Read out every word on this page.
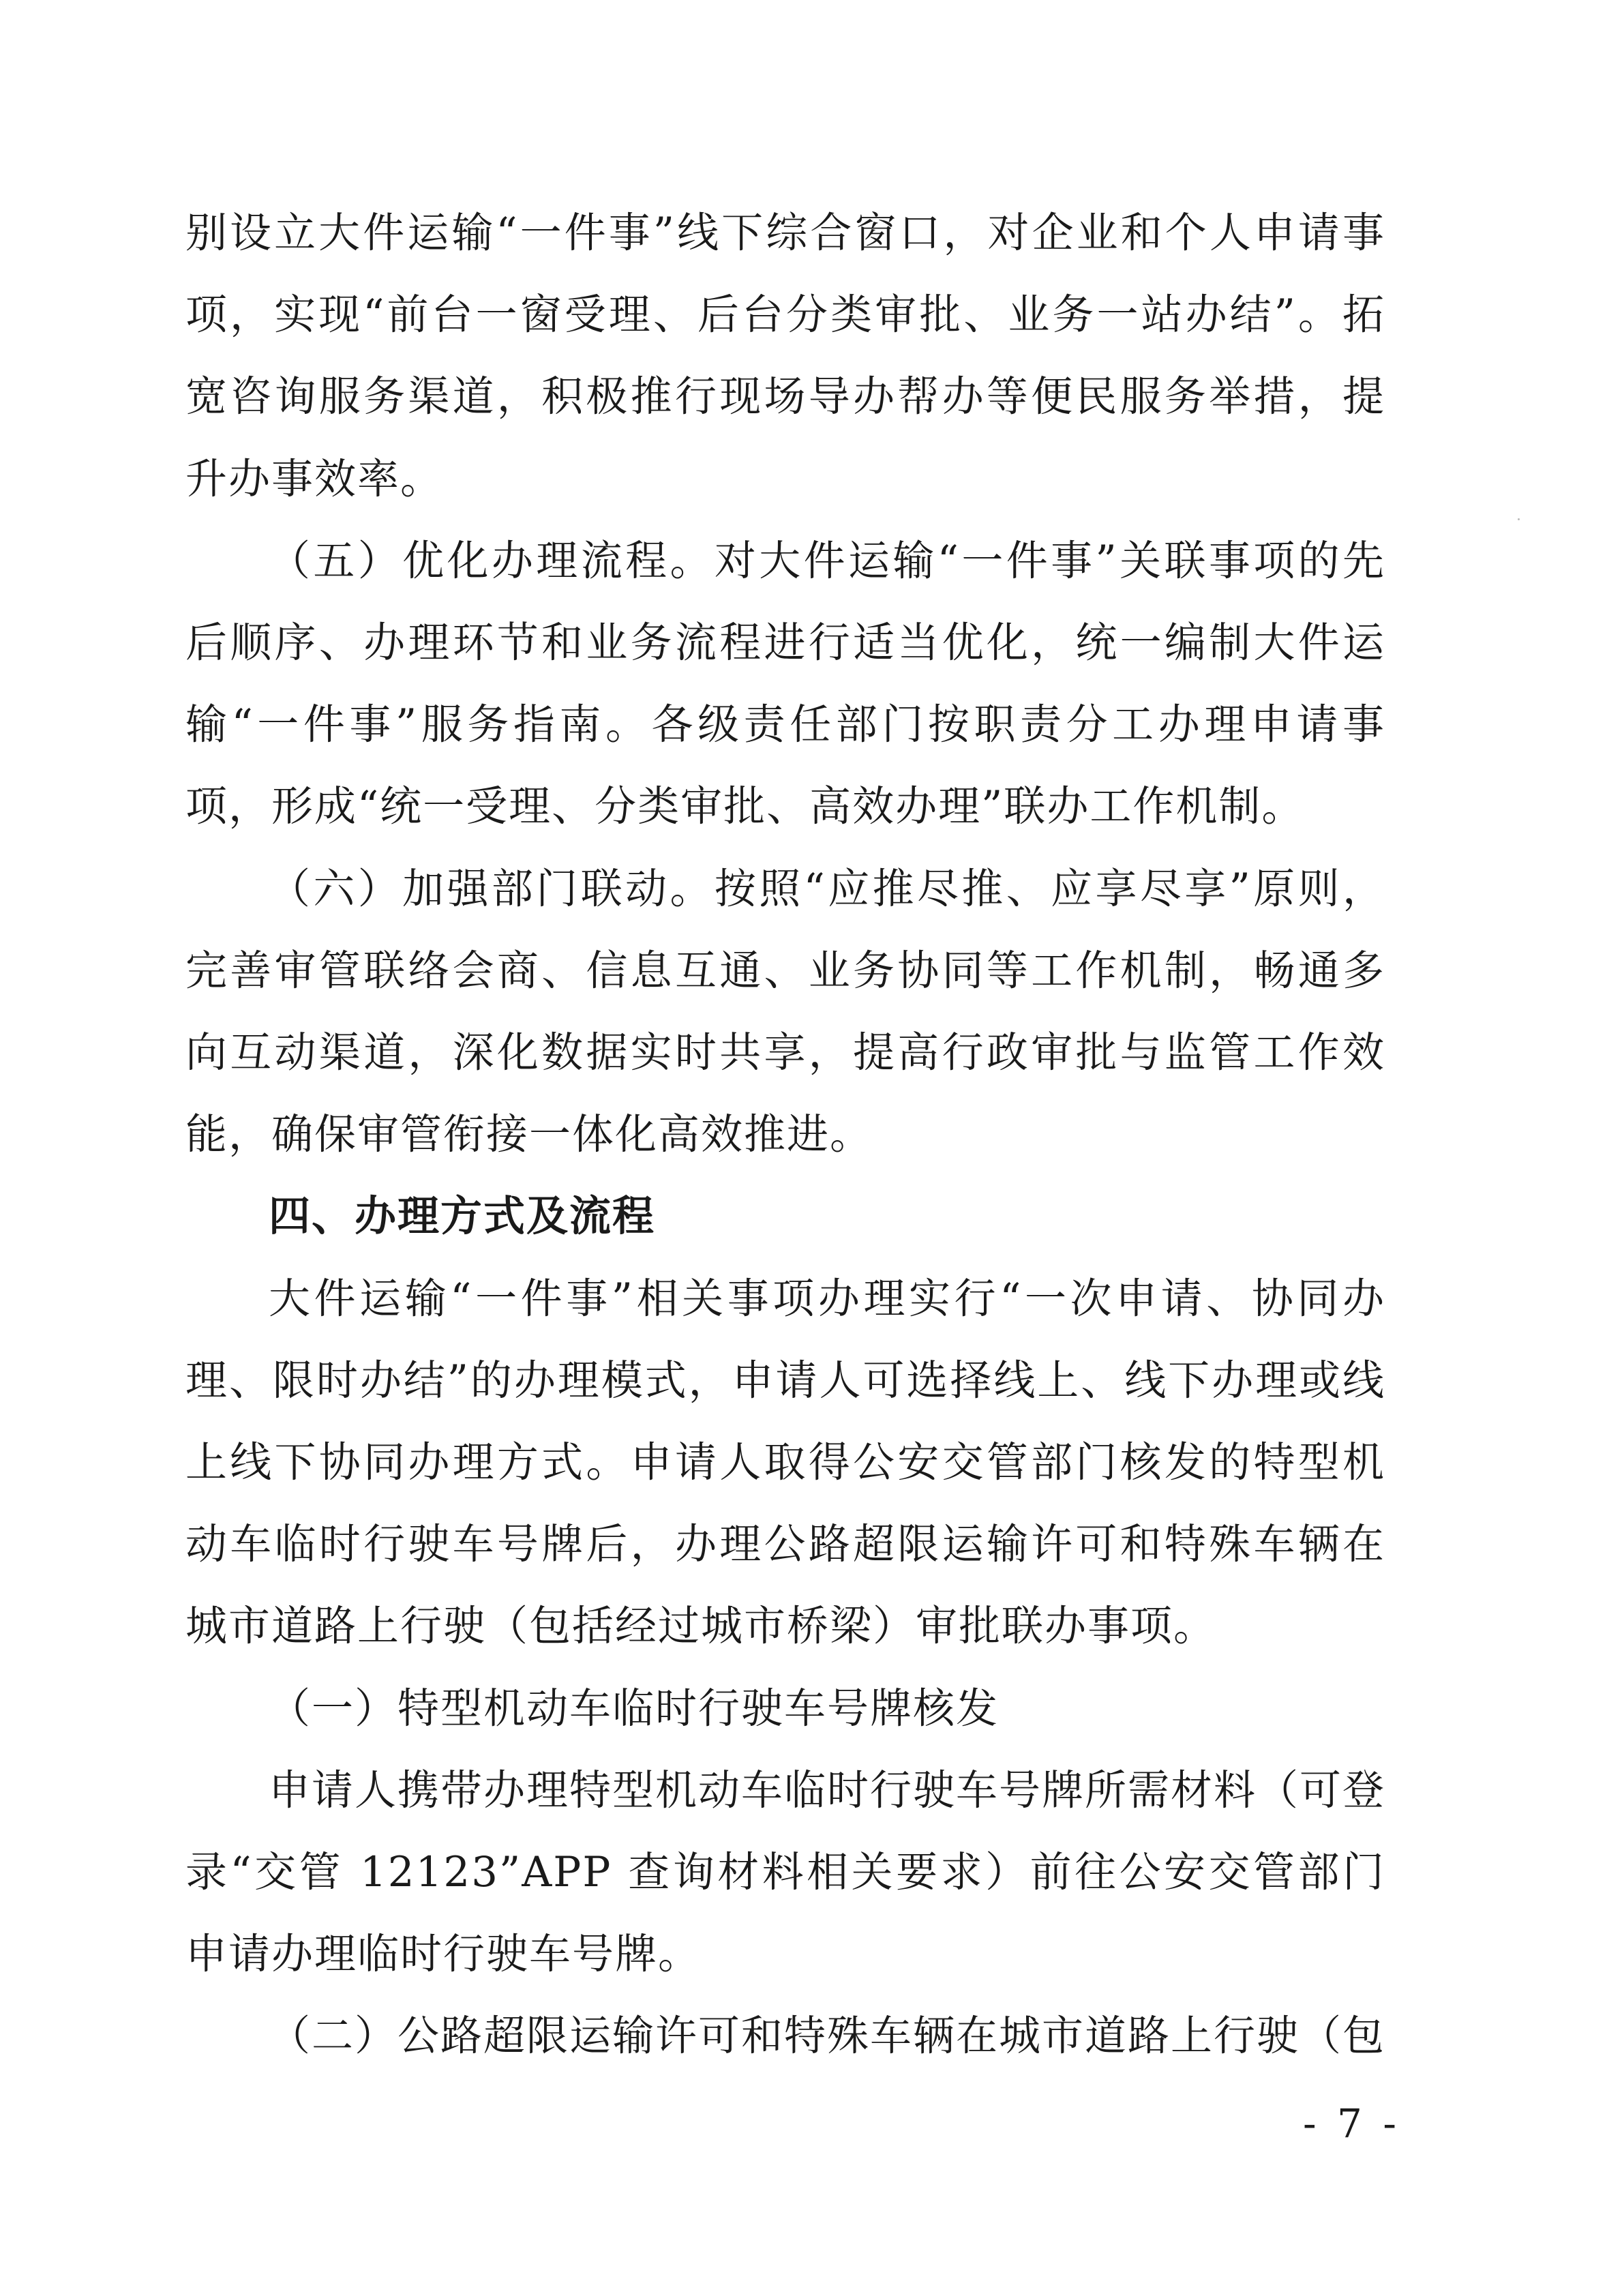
别设立大件运输“一件事”线下综合窗口，对企业和个人申请事项，实现“前台一窗受理、后台分类审批、业务一站办结”。拓宽咨询服务渠道，积极推行现场导办帮办等便民服务举措，提升办事效率。

（五）优化办理流程。对大件运输“一件事”关联事项的先后顺序、办理环节和业务流程进行适当优化，统一编制大件运输“一件事”服务指南。各级责任部门按职责分工办理申请事项，形成“统一受理、分类审批、高效办理”联办工作机制。

（六）加强部门联动。按照“应推尽推、应享尽享”原则，完善审管联络会商、信息互通、业务协同等工作机制，畅通多向互动渠道，深化数据实时共享，提高行政审批与监管工作效能，确保审管衔接一体化高效推进。

四、办理方式及流程

大件运输“一件事”相关事项办理实行“一次申请、协同办理、限时办结”的办理模式，申请人可选择线上、线下办理或线上线下协同办理方式。申请人取得公安交管部门核发的特型机动车临时行驶车号牌后，办理公路超限运输许可和特殊车辆在城市道路上行驶（包括经过城市桥梁）审批联办事项。

（一）特型机动车临时行驶车号牌核发

申请人携带办理特型机动车临时行驶车号牌所需材料（可登录“交管 12123”APP 查询材料相关要求）前往公安交管部门申请办理临时行驶车号牌。

（二）公路超限运输许可和特殊车辆在城市道路上行驶（包

- 7 -
